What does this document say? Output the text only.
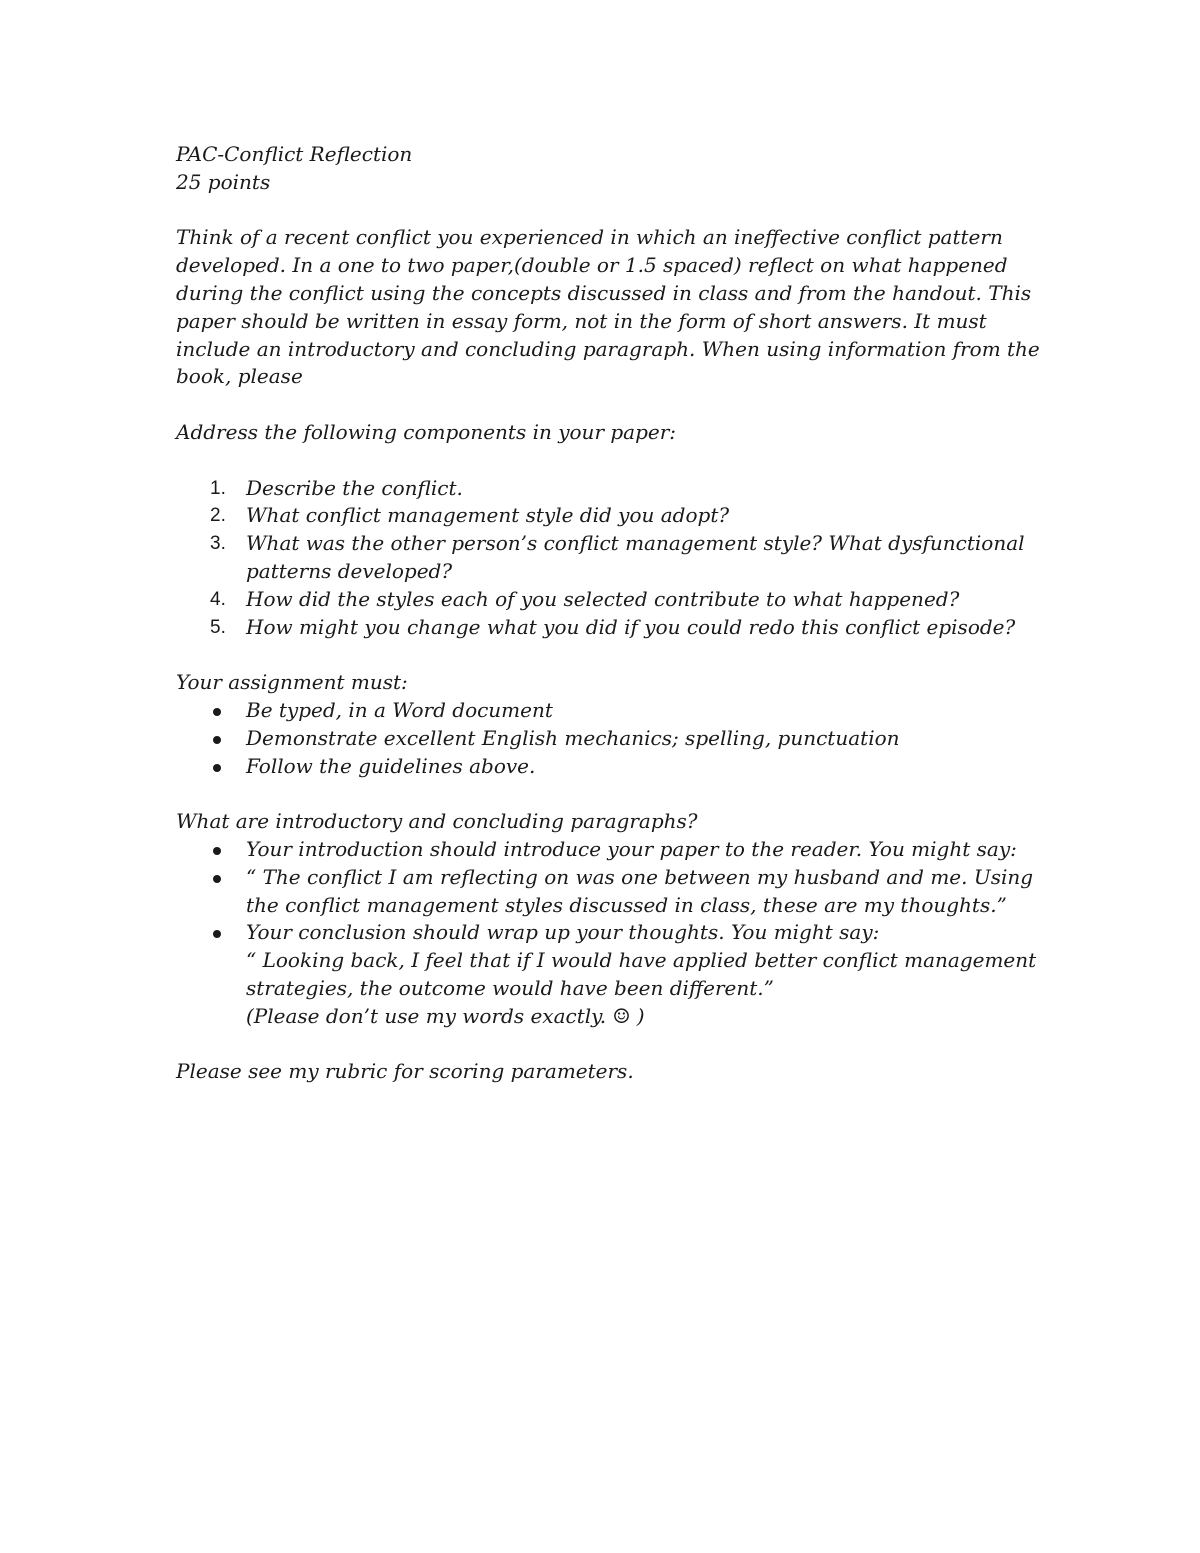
PAC-Conflict Reflection
25 points
Think of a recent conflict you experienced in which an ineffective conflict pattern
developed. In a one to two paper,(double or 1.5 spaced) reflect on what happened
during the conflict using the concepts discussed in class and from the handout. This
paper should be written in essay form, not in the form of short answers. It must
include an introductory and concluding paragraph. When using information from the
book, please
Address the following components in your paper:
1. Describe the conflict.
2. What conflict management style did you adopt?
3. What was the other person’s conflict management style? What dysfunctional
patterns developed?
4. How did the styles each of you selected contribute to what happened?
5. How might you change what you did if you could redo this conflict episode?
Your assignment must:
Be typed, in a Word document
Demonstrate excellent English mechanics; spelling, punctuation
Follow the guidelines above.
What are introductory and concluding paragraphs?
Your introduction should introduce your paper to the reader. You might say:
“ The conflict I am reflecting on was one between my husband and me. Using
the conflict management styles discussed in class, these are my thoughts.”
Your conclusion should wrap up your thoughts. You might say:
“ Looking back, I feel that if I would have applied better conflict management
strategies, the outcome would have been different.”
(Please don’t use my words exactly. ☺ )
Please see my rubric for scoring parameters.
